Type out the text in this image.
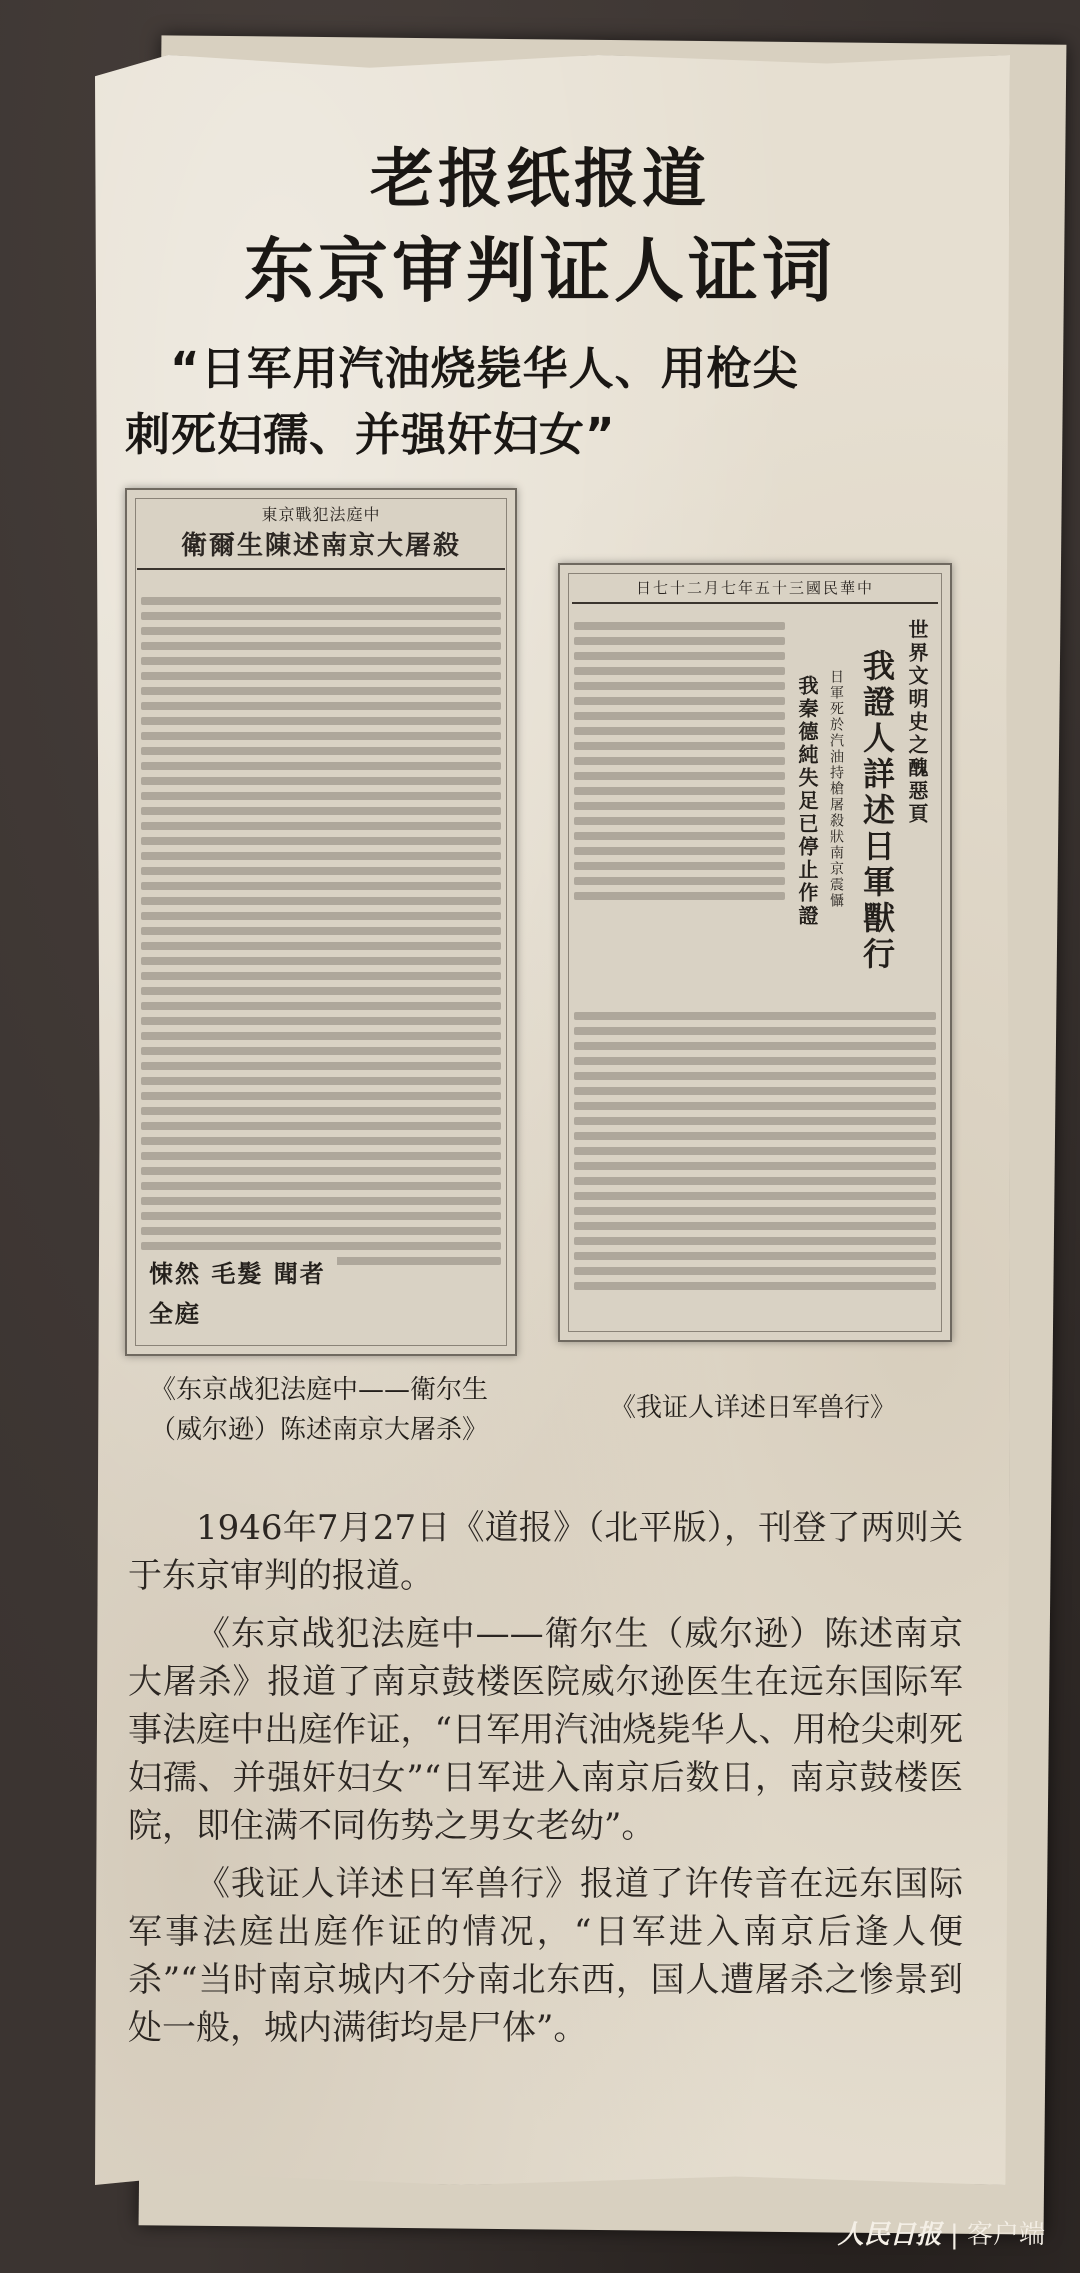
老报纸报道
东京审判证人证词
“日军用汽油烧毙华人、用枪尖
刺死妇孺、并强奸妇女”
東京戰犯法庭中
衛爾生陳述南京大屠殺
悚然 毛髮 聞者 全庭
日七十二月七年五十三國民華中
世界文明史之醜惡頁
我證人詳述日軍獸行
日軍死於汽油持槍屠殺狀南京震懾
我秦德純失足已停止作證
《东京战犯法庭中——衛尔生（威尔逊）陈述南京大屠杀》
《我证人详述日军兽行》

1946年7月27日《道报》（北平版），刊登了两则关于东京审判的报道。

《东京战犯法庭中——衛尔生（威尔逊）陈述南京大屠杀》报道了南京鼓楼医院威尔逊医生在远东国际军事法庭中出庭作证，“日军用汽油烧毙华人、用枪尖刺死妇孺、并强奸妇女”“日军进入南京后数日，南京鼓楼医院，即住满不同伤势之男女老幼”。

《我证人详述日军兽行》报道了许传音在远东国际军事法庭出庭作证的情况，“日军进入南京后逢人便杀”“当时南京城内不分南北东西，国人遭屠杀之惨景到处一般，城内满街均是尸体”。

人民日报 | 客户端
